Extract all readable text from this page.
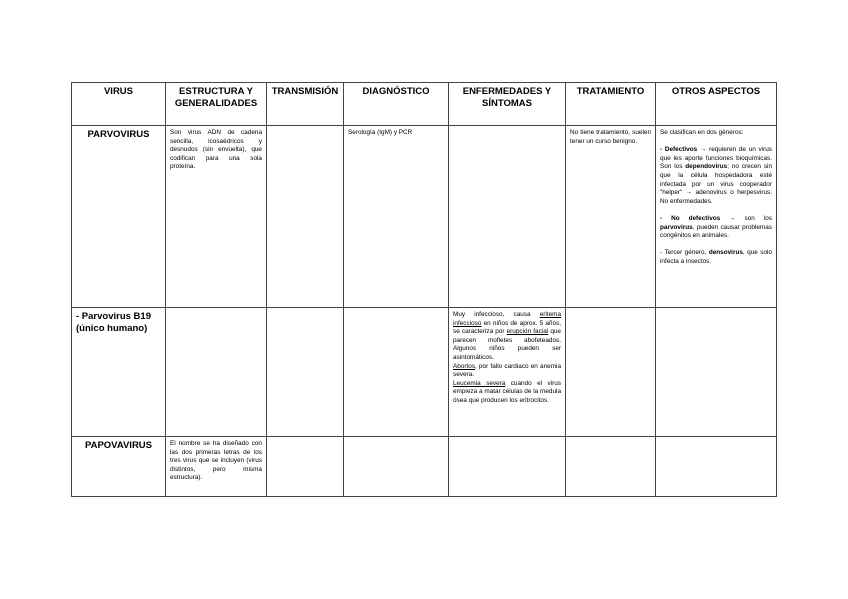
VIRUS	ESTRUCTURA Y GENERALIDADES	TRANSMISIÓN	DIAGNÓSTICO	ENFERMEDADES Y SÍNTOMAS	TRATAMIENTO	OTROS ASPECTOS
PARVOVIRUS	Son virus ADN de cadena sencilla, icosaédricos y desnudos (sin envuelta), que codifican para una sola proteína.		Serología (IgM) y PCR		No tiene tratamiento, suelen tener un curso benigno.	Se clasifican en dos géneros:

- Defectivos → requieren de un virus que les aporte funciones bioquímicas. Son los dependovirus; no crecen sin que la célula hospedadora esté infectada por un virus cooperador "helper" → adenovirus o herpesvirus. No enfermedades.

- No defectivos → son los parvovirus, pueden causar problemas congénitos en animales.

- Tercer género, densovirus, que solo infecta a insectos.

- Parvovirus B19 (único humano)				Muy infeccioso, causa eritema infeccioso en niños de aprox. 5 años, se caracteriza por erupción facial que parecen mofletes abofeteados. Algunos niños pueden ser asintomáticos.
Abortos, por fallo cardiaco en anemia severa.
Leucemia severa cuando el virus empieza a matar células de la medula ósea que producen los eritrocitos.		
PAPOVAVIRUS	El nombre se ha diseñado con las dos primeras letras de los tres virus que se incluyen (virus distintos, pero misma estructura).					
